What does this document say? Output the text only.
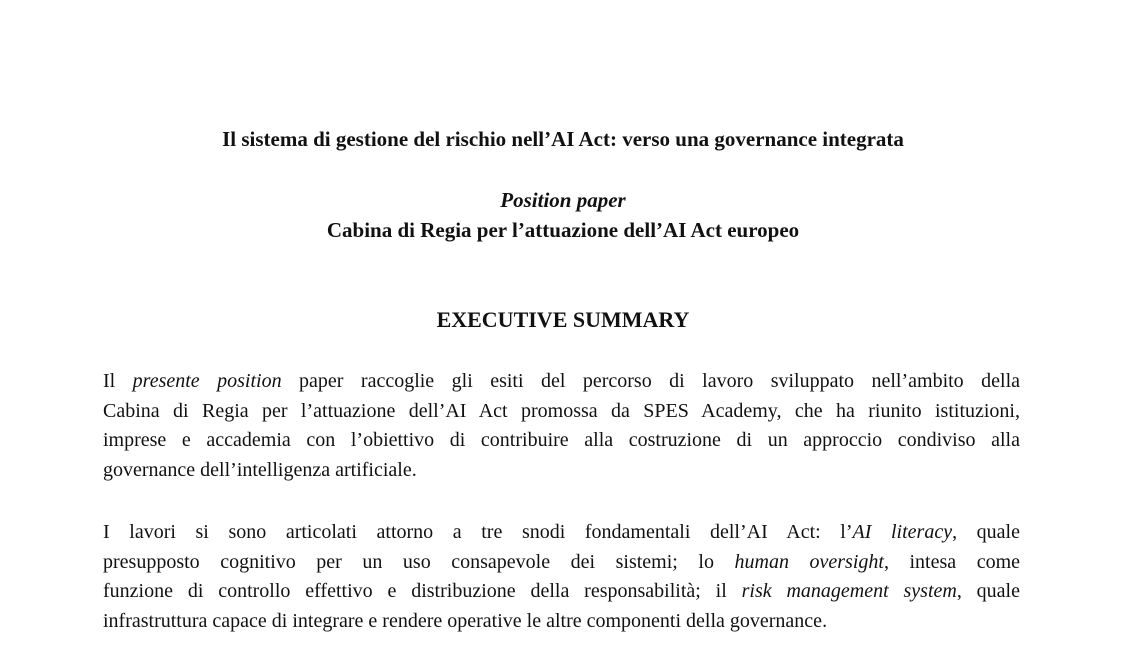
Il sistema di gestione del rischio nell’AI Act: verso una governance integrata

Position paper

Cabina di Regia per l’attuazione dell’AI Act europeo

EXECUTIVE SUMMARY
Il presente position paper raccoglie gli esiti del percorso di lavoro sviluppato nell’ambito della
Cabina di Regia per l’attuazione dell’AI Act promossa da SPES Academy, che ha riunito istituzioni,
imprese e accademia con l’obiettivo di contribuire alla costruzione di un approccio condiviso alla
governance dell’intelligenza artificiale.
I lavori si sono articolati attorno a tre snodi fondamentali dell’AI Act: l’AI literacy, quale
presupposto cognitivo per un uso consapevole dei sistemi; lo human oversight, intesa come
funzione di controllo effettivo e distribuzione della responsabilità; il risk management system, quale
infrastruttura capace di integrare e rendere operative le altre componenti della governance.
